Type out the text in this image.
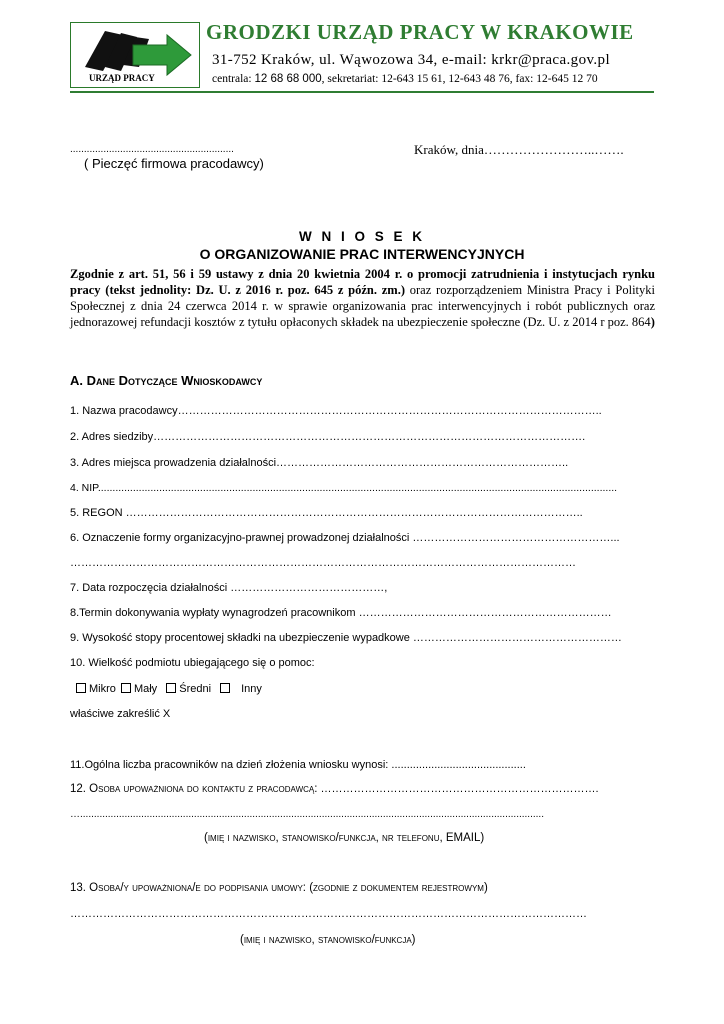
URZĄD PRACY
GRODZKI URZĄD PRACY W KRAKOWIE
31-752 Kraków, ul. Wąwozowa 34, e-mail: krkr@praca.gov.pl
centrala: 12 68 68 000, sekretariat: 12-643 15 61, 12-643 48 76, fax: 12-645 12 70
...........................................................
( Pieczęć firmowa pracodawcy)
Kraków, dnia……………………..…….
W N I O S E K
O ORGANIZOWANIE PRAC INTERWENCYJNYCH
Zgodnie z art. 51, 56 i 59 ustawy z dnia 20 kwietnia 2004 r. o promocji zatrudnienia i instytucjach rynku pracy (tekst jednolity: Dz. U. z 2016 r. poz. 645 z późn. zm.) oraz rozporządzeniem Ministra Pracy i Polityki Społecznej z dnia 24 czerwca 2014 r. w sprawie organizowania prac interwencyjnych i robót publicznych oraz jednorazowej refundacji kosztów z tytułu opłaconych składek na ubezpieczenie społeczne (Dz. U. z 2014 r poz. 864)
A. Dane Dotyczące Wnioskodawcy
1. Nazwa pracodawcy……………………………………………………………………………………………………..
2. Adres siedziby……………………………………………………………………………………………………….
3. Adres miejsca prowadzenia działalności……………………………………………………………………..
4. NIP..................................................................................................................................................................................
5. REGON ……………………………………………………………………………………………………………..
6. Oznaczenie formy organizacyjno-prawnej prowadzonej działalności ………………………………………………...
…………………………………………………………………………………………………………………………
7. Data rozpoczęcia działalności ……………………………………,
8.Termin dokonywania wypłaty wynagrodzeń pracownikom ……………………………………………………………
9. Wysokość stopy procentowej składki na ubezpieczenie wypadkowe …………………………………………………
10. Wielkość podmiotu ubiegającego się o pomoc:
Mikro Mały Średni	Inny
właściwe zakreślić X
11.Ogólna liczba pracowników na dzień złożenia wniosku wynosi: ............................................
12. Osoba upoważniona do kontaktu z pracodawcą: ………………………………………………………………….
….......................................................................................................................................................................
(imię i nazwisko, stanowisko/funkcja, nr telefonu, EMAIL)
13. Osoba/y upoważniona/e do podpisania umowy: (zgodnie z dokumentem rejestrowym)
……………………………………………………………………………………………………………………………
(imię i nazwisko, stanowisko/funkcja)
